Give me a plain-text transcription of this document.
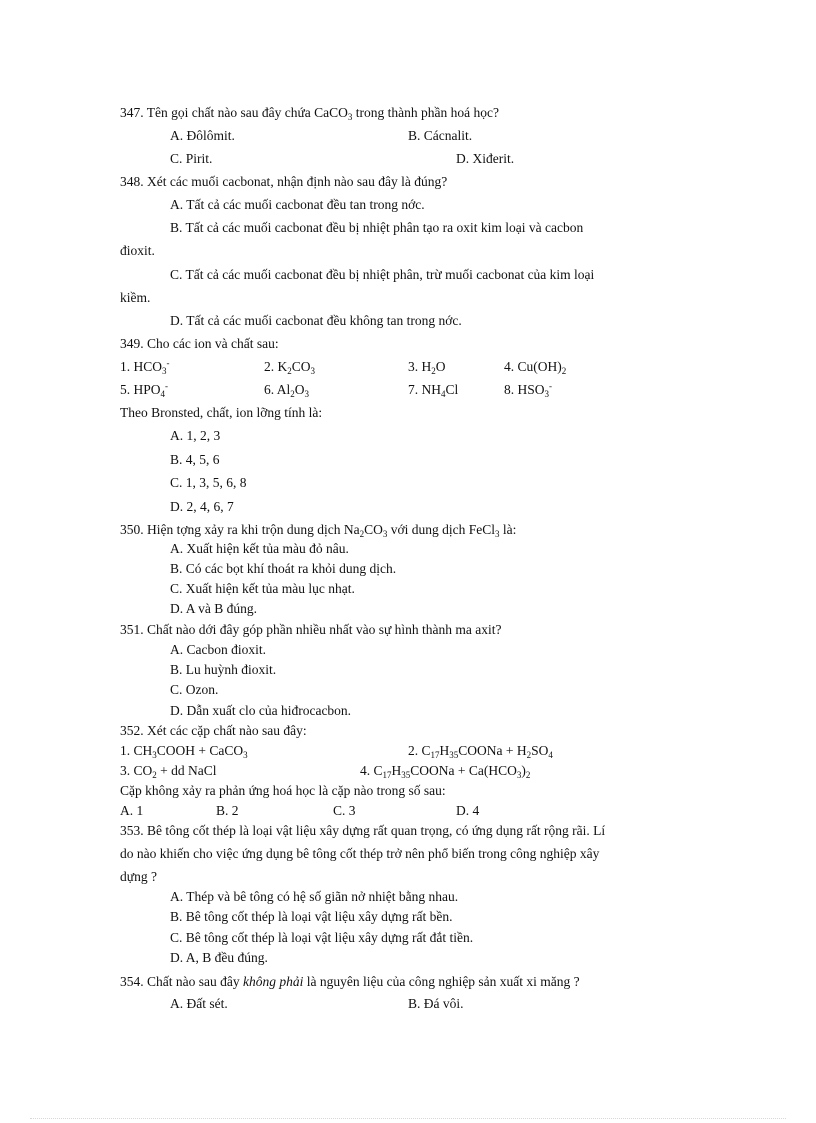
347. Tên gọi chất nào sau đây chứa CaCO$_3$ trong thành phần hoá học?
A. Đôlômit.	B. Cácnalit.
C. Pirit.	D. Xiđerit.
348. Xét các muối cacbonat, nhận định nào sau đây là đúng?
A. Tất cả các muối cacbonat đều tan trong nớc.
B. Tất cả các muối cacbonat đều bị nhiệt phân tạo ra oxit kim loại và cacbon
đioxit.
C. Tất cả các muối cacbonat đều bị nhiệt phân, trừ muối cacbonat của kim loại
kiềm.
D. Tất cả các muối cacbonat đều không tan trong nớc.
349. Cho các ion và chất sau:
1. $HCO_3^-$	2. $K_2CO_3$	3. $H_2O$	4. $Cu(OH)_2$
5. $HPO_4^-$	6. $Al_2O_3$	7. $NH_4Cl$	8. $HSO_3^-$
Theo Bronsted, chất, ion lỡng tính là:
A. 1, 2, 3
B. 4, 5, 6
C. 1, 3, 5, 6, 8
D. 2, 4, 6, 7
350. Hiện tợng xảy ra khi trộn dung dịch $Na_2CO_3$ với dung dịch FeCl$_3$ là:
A. Xuất hiện kết tủa màu đỏ nâu.
B. Có các bọt khí thoát ra khỏi dung dịch.
C. Xuất hiện kết tủa màu lục nhạt.
D. A và B đúng.
351. Chất nào dới đây góp phần nhiều nhất vào sự hình thành ma axit?
A. Cacbon đioxit.
B. Lu huỳnh đioxit.
C. Ozon.
D. Dẫn xuất clo của hiđrocacbon.
352. Xét các cặp chất nào sau đây:
1. $CH_3COOH$ + CaCO$_3$	2. $C_{17}H_{35}COONa + H_2SO_4$
3. $CO_2$ + dd NaCl	4. $C_{17}H_{35}COONa + Ca(HCO_3)_2$
Cặp không xảy ra phản ứng hoá học là cặp nào trong số sau:
A. 1	B. 2	C. 3	D. 4
353. Bê tông cốt thép là loại vật liệu xây dựng rất quan trọng, có ứng dụng rất rộng rãi. Lí
do nào khiến cho việc ứng dụng bê tông cốt thép trở nên phổ biến trong công nghiệp xây
dựng ?
A. Thép và bê tông có hệ số giãn nở nhiệt bằng nhau.
B. Bê tông cốt thép là loại vật liệu xây dựng rất bền.
C. Bê tông cốt thép là loại vật liệu xây dựng rất đắt tiền.
D. A, B đều đúng.
354. Chất nào sau đây không phải là nguyên liệu của công nghiệp sản xuất xi măng ?
A. Đất sét.	B. Đá vôi.
